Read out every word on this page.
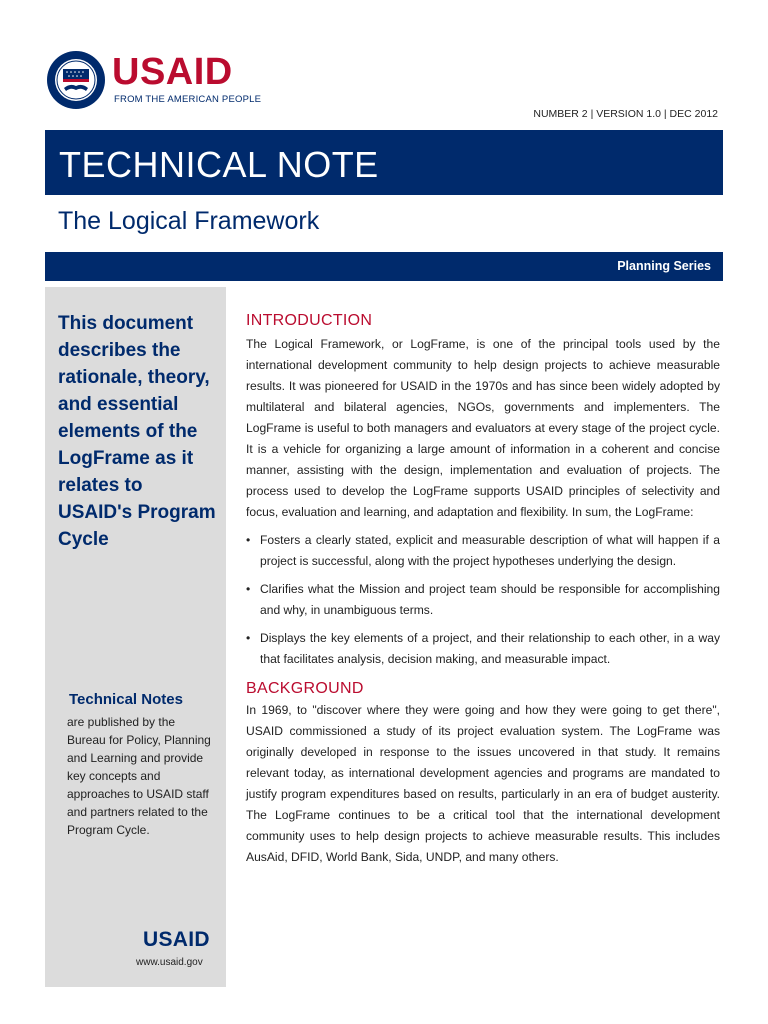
USAID
FROM THE AMERICAN PEOPLE
NUMBER 2 | VERSION 1.0 | DEC 2012
TECHNICAL NOTE
The Logical Framework
Planning Series
This document describes the rationale, theory, and essential elements of the LogFrame as it relates to USAID's Program Cycle
Technical Notes
are published by the Bureau for Policy, Planning and Learning and provide key concepts and approaches to USAID staff and partners related to the Program Cycle.
USAID
www.usaid.gov
INTRODUCTION

The Logical Framework, or LogFrame, is one of the principal tools used by the international development community to help design projects to achieve measurable results. It was pioneered for USAID in the 1970s and has since been widely adopted by multilateral and bilateral agencies, NGOs, governments and implementers. The LogFrame is useful to both managers and evaluators at every stage of the project cycle. It is a vehicle for organizing a large amount of information in a coherent and concise manner, assisting with the design, implementation and evaluation of projects. The process used to develop the LogFrame supports USAID principles of selectivity and focus, evaluation and learning, and adaptation and flexibility. In sum, the LogFrame:

• Fosters a clearly stated, explicit and measurable description of what will happen if a project is successful, along with the project hypotheses underlying the design.
• Clarifies what the Mission and project team should be responsible for accomplishing and why, in unambiguous terms.
• Displays the key elements of a project, and their relationship to each other, in a way that facilitates analysis, decision making, and measurable impact.
BACKGROUND

In 1969, to "discover where they were going and how they were going to get there", USAID commissioned a study of its project evaluation system. The LogFrame was originally developed in response to the issues uncovered in that study. It remains relevant today, as international development agencies and programs are mandated to justify program expenditures based on results, particularly in an era of budget austerity. The LogFrame continues to be a critical tool that the international development community uses to help design projects to achieve measurable results. This includes AusAid, DFID, World Bank, Sida, UNDP, and many others.
